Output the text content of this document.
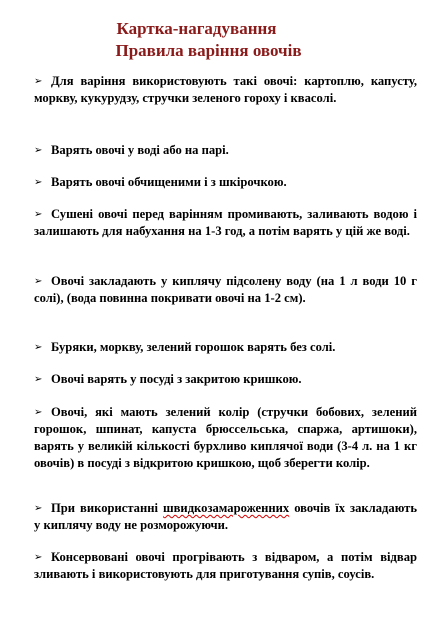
Картка-нагадування
Правила варіння овочів
➢ Для варіння використовують такі овочі: картоплю, капусту, моркву, кукурудзу, стручки зеленого гороху і квасолі.
➢ Варять овочі у воді або на парі.
➢ Варять овочі обчищеними і з шкірочкою.
➢ Сушені овочі перед варінням промивають, заливають водою і залишають для набухання на 1-3 год, а потім варять у цій же воді.
➢ Овочі закладають у киплячу підсолену воду (на 1 л води 10 г солі), (вода повинна покривати овочі на 1-2 см).
➢ Буряки, моркву, зелений горошок варять без солі.
➢ Овочі варять у посуді з закритою кришкою.
➢ Овочі, які мають зелений колір (стручки бобових, зелений горошок, шпинат, капуста брюссельська, спаржа, артишоки), варять у великій кількості бурхливо киплячої води (3-4 л. на 1 кг овочів) в посуді з відкритою кришкою, щоб зберегти колір.
➢ При використанні швидкозамароженних овочів їх закладають у киплячу воду не розморожуючи.
➢ Консервовані овочі прогрівають з відваром, а потім відвар зливають і використовують для приготування супів, соусів.
